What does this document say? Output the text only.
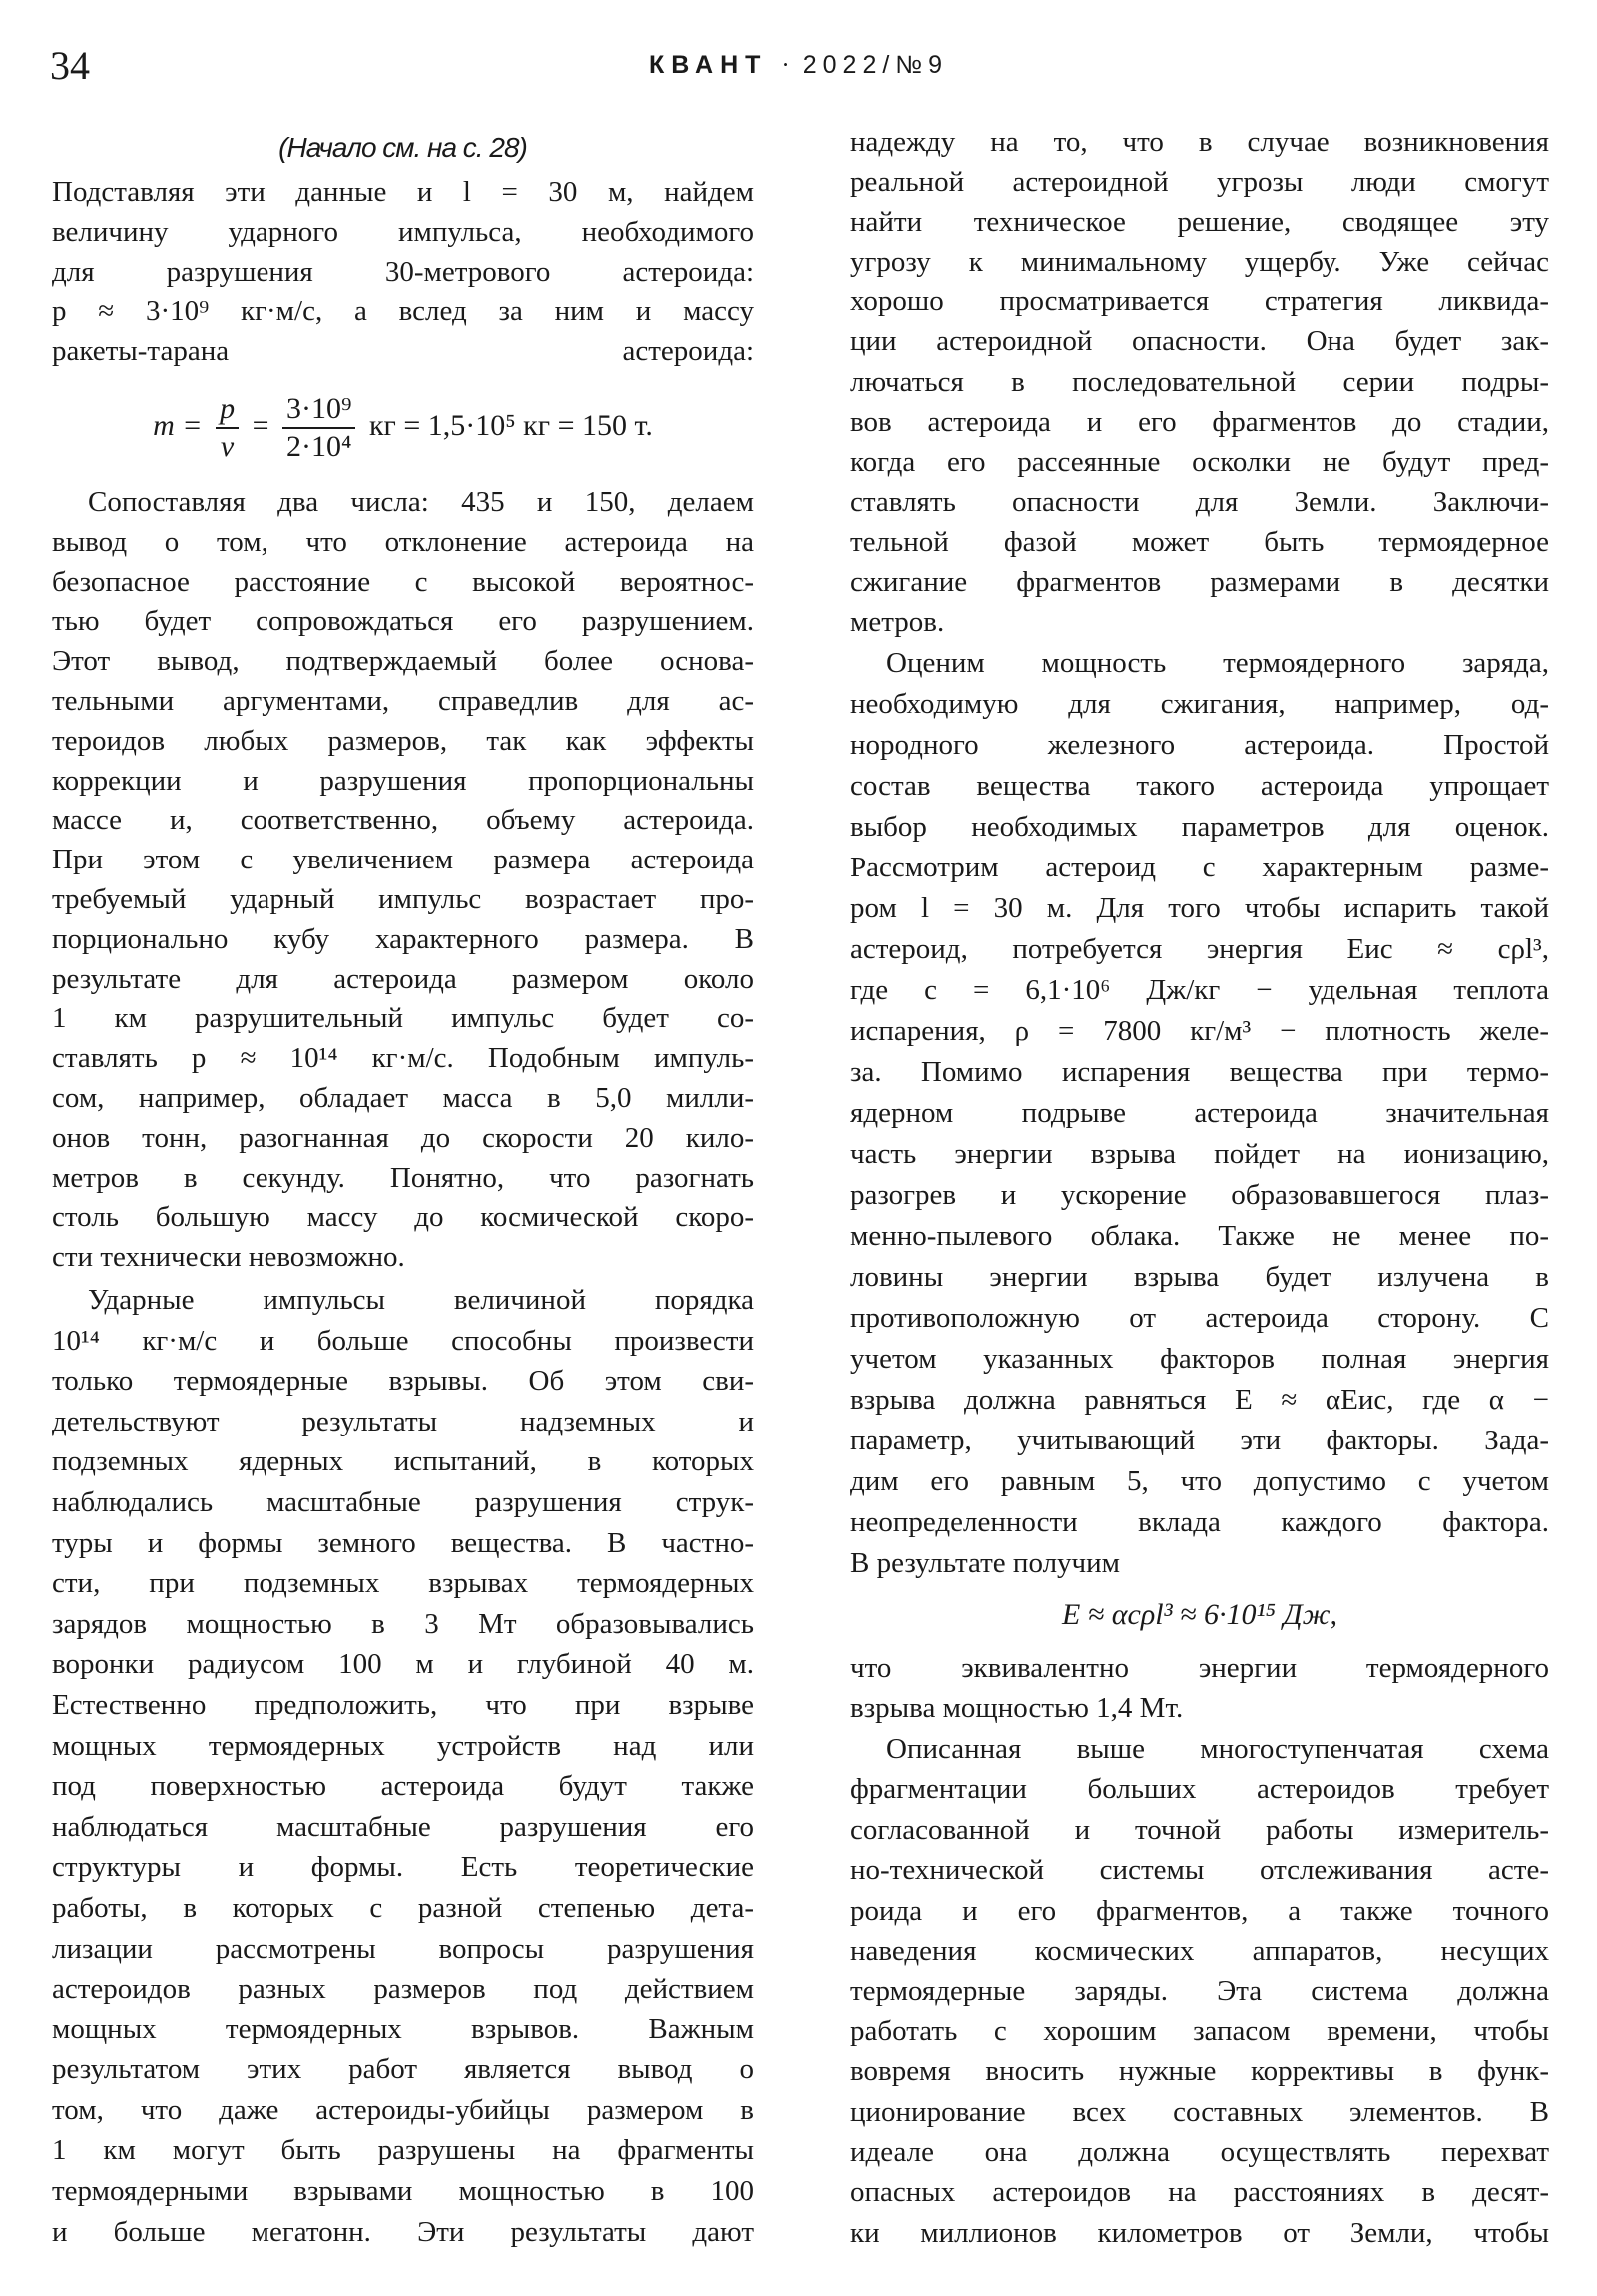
34	КВАНТ · 2022/№9
(Начало см. на с. 28)
$m = \frac{p}{v} = \frac{\text{3·10⁹}}{\text{2·10⁴}}$ кг = 1,5·10⁵ кг = 150 т.
E ≈ αcρl³ ≈ 6·10¹⁵ Дж,
Подставляя эти данные и l = 30 м, найдем
величину ударного импульса, необходимого
для разрушения 30-метрового астероида:
p ≈ 3·10⁹ кг·м/с, а вслед за ним и массу
ракеты-тарана астероида:
Сопоставляя два числа: 435 и 150, делаем
вывод о том, что отклонение астероида на
безопасное расстояние с высокой вероятнос-
тью будет сопровождаться его разрушением.
Этот вывод, подтверждаемый более основа-
тельными аргументами, справедлив для ас-
тероидов любых размеров, так как эффекты
коррекции и разрушения пропорциональны
массе и, соответственно, объему астероида.
При этом с увеличением размера астероида
требуемый ударный импульс возрастает про-
порционально кубу характерного размера. В
результате для астероида размером около
1 км разрушительный импульс будет со-
ставлять p ≈ 10¹⁴ кг·м/с. Подобным импуль-
сом, например, обладает масса в 5,0 милли-
онов тонн, разогнанная до скорости 20 кило-
метров в секунду. Понятно, что разогнать
столь большую массу до космической скоро-
сти технически невозможно.
Ударные импульсы величиной порядка
10¹⁴ кг·м/с и больше способны произвести
только термоядерные взрывы. Об этом сви-
детельствуют результаты надземных и
подземных ядерных испытаний, в которых
наблюдались масштабные разрушения струк-
туры и формы земного вещества. В частно-
сти, при подземных взрывах термоядерных
зарядов мощностью в 3 Мт образовывались
воронки радиусом 100 м и глубиной 40 м.
Естественно предположить, что при взрыве
мощных термоядерных устройств над или
под поверхностью астероида будут также
наблюдаться масштабные разрушения его
структуры и формы. Есть теоретические
работы, в которых с разной степенью дета-
лизации рассмотрены вопросы разрушения
астероидов разных размеров под действием
мощных термоядерных взрывов. Важным
результатом этих работ является вывод о
том, что даже астероиды-убийцы размером в
1 км могут быть разрушены на фрагменты
термоядерными взрывами мощностью в 100
и больше мегатонн. Эти результаты дают
надежду на то, что в случае возникновения
реальной астероидной угрозы люди смогут
найти техническое решение, сводящее эту
угрозу к минимальному ущербу. Уже сейчас
хорошо просматривается стратегия ликвида-
ции астероидной опасности. Она будет зак-
лючаться в последовательной серии подры-
вов астероида и его фрагментов до стадии,
когда его рассеянные осколки не будут пред-
ставлять опасности для Земли. Заключи-
тельной фазой может быть термоядерное
сжигание фрагментов размерами в десятки
метров.
Оценим мощность термоядерного заряда,
необходимую для сжигания, например, од-
нородного железного астероида. Простой
состав вещества такого астероида упрощает
выбор необходимых параметров для оценок.
Рассмотрим астероид с характерным разме-
ром l = 30 м. Для того чтобы испарить такой
астероид, потребуется энергия Eис ≈ cρl³,
где c = 6,1·10⁶ Дж/кг − удельная теплота
испарения, ρ = 7800 кг/м³ − плотность желе-
за. Помимо испарения вещества при термо-
ядерном подрыве астероида значительная
часть энергии взрыва пойдет на ионизацию,
разогрев и ускорение образовавшегося плаз-
менно-пылевого облака. Также не менее по-
ловины энергии взрыва будет излучена в
противоположную от астероида сторону. С
учетом указанных факторов полная энергия
взрыва должна равняться E ≈ αEис, где α −
параметр, учитывающий эти факторы. Зада-
дим его равным 5, что допустимо с учетом
неопределенности вклада каждого фактора.
В результате получим
что эквивалентно энергии термоядерного
взрыва мощностью 1,4 Мт.
Описанная выше многоступенчатая схема
фрагментации больших астероидов требует
согласованной и точной работы измеритель-
но-технической системы отслеживания асте-
роида и его фрагментов, а также точного
наведения космических аппаратов, несущих
термоядерные заряды. Эта система должна
работать с хорошим запасом времени, чтобы
вовремя вносить нужные коррективы в функ-
ционирование всех составных элементов. В
идеале она должна осуществлять перехват
опасных астероидов на расстояниях в десят-
ки миллионов километров от Земли, чтобы
